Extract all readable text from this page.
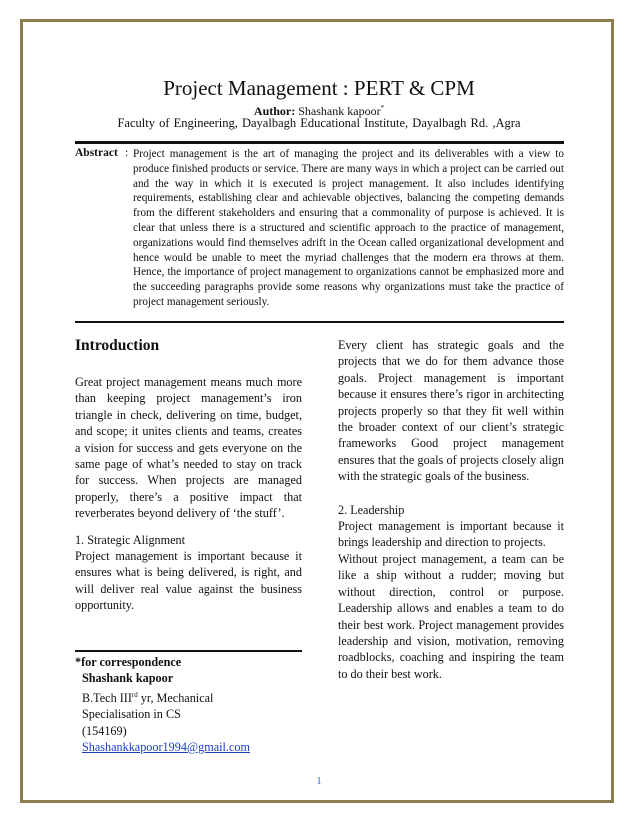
Project Management : PERT & CPM
Author: Shashank kapoor*
Faculty of Engineering, Dayalbagh Educational Institute, Dayalbagh Rd. ,Agra
Abstract : Project management is the art of managing the project and its deliverables with a view to produce finished products or service. There are many ways in which a project can be carried out and the way in which it is executed is project management. It also includes identifying requirements, establishing clear and achievable objectives, balancing the competing demands from the different stakeholders and ensuring that a commonality of purpose is achieved. It is clear that unless there is a structured and scientific approach to the practice of management, organizations would find themselves adrift in the Ocean called organizational development and hence would be unable to meet the myriad challenges that the modern era throws at them. Hence, the importance of project management to organizations cannot be emphasized more and the succeeding paragraphs provide some reasons why organizations must take the practice of project management seriously.

Introduction

Great project management means much more than keeping project management’s iron triangle in check, delivering on time, budget, and scope; it unites clients and teams, creates a vision for success and gets everyone on the same page of what’s needed to stay on track for success. When projects are managed properly, there’s a positive impact that reverberates beyond delivery of ‘the stuff’.

1. Strategic Alignment

Project management is important because it ensures what is being delivered, is right, and will deliver real value against the business opportunity.

*for correspondence
Shashank kapoor
B.Tech IIIrd yr, Mechanical
Specialisation in CS
(154169)
Shashankkapoor1994@gmail.com

Every client has strategic goals and the projects that we do for them advance those goals. Project management is important because it ensures there’s rigor in architecting projects properly so that they fit well within the broader context of our client’s strategic frameworks Good project management ensures that the goals of projects closely align with the strategic goals of the business.

2. Leadership

Project management is important because it brings leadership and direction to projects.

Without project management, a team can be like a ship without a rudder; moving but without direction, control or purpose. Leadership allows and enables a team to do their best work. Project management provides leadership and vision, motivation, removing roadblocks, coaching and inspiring the team to do their best work.

1
